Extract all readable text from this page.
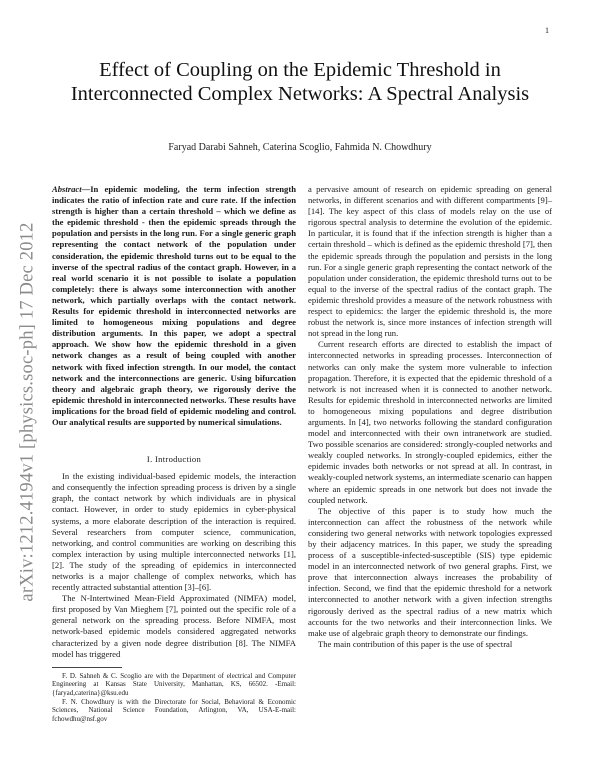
1
arXiv:1212.4194v1 [physics.soc-ph] 17 Dec 2012
Effect of Coupling on the Epidemic Threshold in Interconnected Complex Networks: A Spectral Analysis
Faryad Darabi Sahneh, Caterina Scoglio, Fahmida N. Chowdhury
Abstract—In epidemic modeling, the term infection strength indicates the ratio of infection rate and cure rate. If the infection strength is higher than a certain threshold – which we define as the epidemic threshold - then the epidemic spreads through the population and persists in the long run. For a single generic graph representing the contact network of the population under consideration, the epidemic threshold turns out to be equal to the inverse of the spectral radius of the contact graph. However, in a real world scenario it is not possible to isolate a population completely: there is always some interconnection with another network, which partially overlaps with the contact network. Results for epidemic threshold in interconnected networks are limited to homogeneous mixing populations and degree distribution arguments. In this paper, we adopt a spectral approach. We show how the epidemic threshold in a given network changes as a result of being coupled with another network with fixed infection strength. In our model, the contact network and the interconnections are generic. Using bifurcation theory and algebraic graph theory, we rigorously derive the epidemic threshold in interconnected networks. These results have implications for the broad field of epidemic modeling and control. Our analytical results are supported by numerical simulations.
I. Introduction

In the existing individual-based epidemic models, the interaction and consequently the infection spreading process is driven by a single graph, the contact network by which individuals are in physical contact. However, in order to study epidemics in cyber-physical systems, a more elaborate description of the interaction is required. Several researchers from computer science, communication, networking, and control communities are working on describing this complex interaction by using multiple interconnected networks [1], [2]. The study of the spreading of epidemics in interconnected networks is a major challenge of complex networks, which has recently attracted substantial attention [3]–[6].

The N-Intertwined Mean-Field Approximated (NIMFA) model, first proposed by Van Mieghem [7], pointed out the specific role of a general network on the spreading process. Before NIMFA, most network-based epidemic models considered aggregated networks characterized by a given node degree distribution [8]. The NIMFA model has triggered

F. D. Sahneh & C. Scoglio are with the Department of electrical and Computer Engineering at Kansas State University, Manhattan, KS, 66502. -Email: {faryad,caterina}@ksu.edu

F. N. Chowdhury is with the Directorate for Social, Behavioral & Economic Sciences, National Science Foundation, Arlington, VA, USA-E-mail: fchowdhu@nsf.gov

a pervasive amount of research on epidemic spreading on general networks, in different scenarios and with different compartments [9]–[14]. The key aspect of this class of models relay on the use of rigorous spectral analysis to determine the evolution of the epidemic. In particular, it is found that if the infection strength is higher than a certain threshold – which is defined as the epidemic threshold [7], then the epidemic spreads through the population and persists in the long run. For a single generic graph representing the contact network of the population under consideration, the epidemic threshold turns out to be equal to the inverse of the spectral radius of the contact graph. The epidemic threshold provides a measure of the network robustness with respect to epidemics: the larger the epidemic threshold is, the more robust the network is, since more instances of infection strength will not spread in the long run.

Current research efforts are directed to establish the impact of interconnected networks in spreading processes. Interconnection of networks can only make the system more vulnerable to infection propagation. Therefore, it is expected that the epidemic threshold of a network is not increased when it is connected to another network. Results for epidemic threshold in interconnected networks are limited to homogeneous mixing populations and degree distribution arguments. In [4], two networks following the standard configuration model and interconnected with their own intranetwork are studied. Two possible scenarios are considered: strongly-coupled networks and weakly coupled networks. In strongly-coupled epidemics, either the epidemic invades both networks or not spread at all. In contrast, in weakly-coupled network systems, an intermediate scenario can happen where an epidemic spreads in one network but does not invade the coupled network.

The objective of this paper is to study how much the interconnection can affect the robustness of the network while considering two general networks with network topologies expressed by their adjacency matrices. In this paper, we study the spreading process of a susceptible-infected-susceptible (SIS) type epidemic model in an interconnected network of two general graphs. First, we prove that interconnection always increases the probability of infection. Second, we find that the epidemic threshold for a network interconnected to another network with a given infection strengths rigorously derived as the spectral radius of a new matrix which accounts for the two networks and their interconnection links. We make use of algebraic graph theory to demonstrate our findings.

The main contribution of this paper is the use of spectral
